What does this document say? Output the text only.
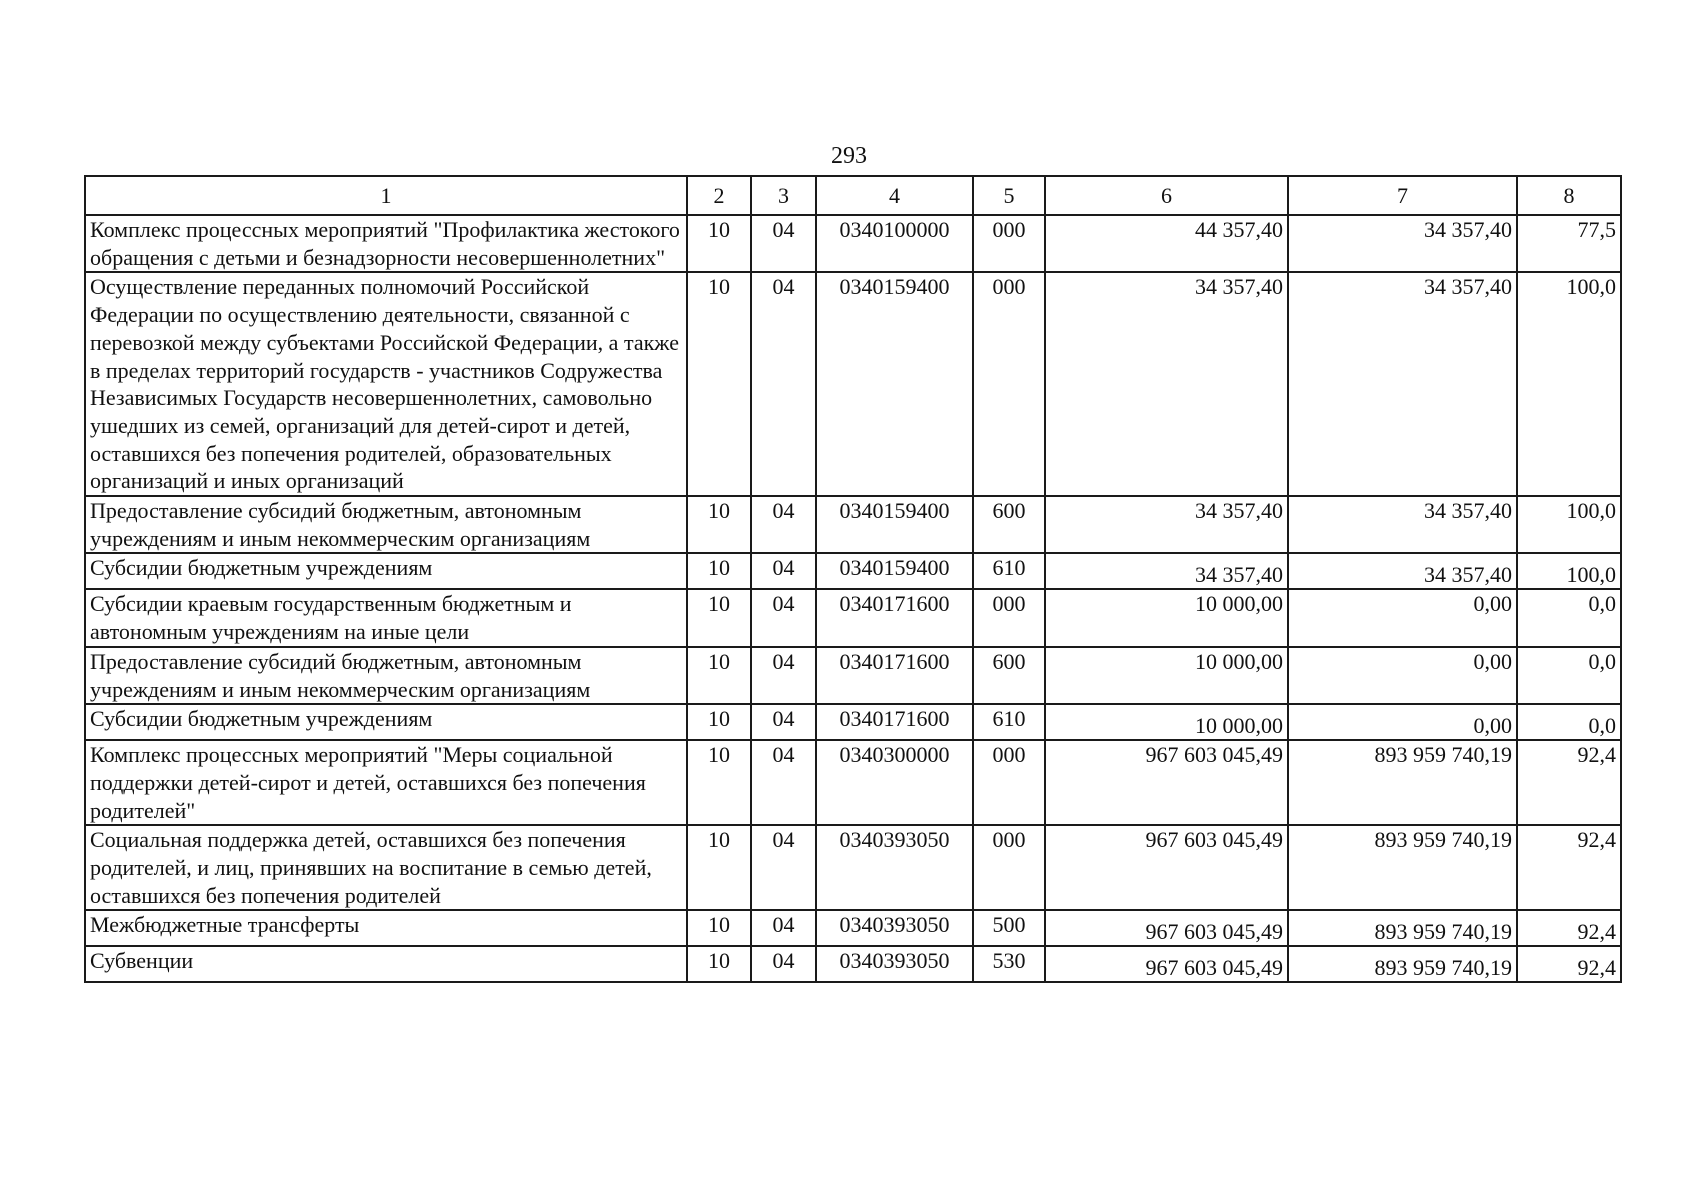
293
1	2	3	4	5	6	7	8
Комплекс процессных мероприятий "Профилактика жестокого обращения с детьми и безнадзорности несовершеннолетних"	10	04	0340100000	000	44 357,40	34 357,40	77,5
Осуществление переданных полномочий Российской Федерации по осуществлению деятельности, связанной с перевозкой между субъектами Российской Федерации, а также в пределах территорий государств - участников Содружества Независимых Государств несовершеннолетних, самовольно ушедших из семей, организаций для детей-сирот и детей, оставшихся без попечения родителей, образовательных организаций и иных организаций	10	04	0340159400	000	34 357,40	34 357,40	100,0
Предоставление субсидий бюджетным, автономным учреждениям и иным некоммерческим организациям	10	04	0340159400	600	34 357,40	34 357,40	100,0
Субсидии бюджетным учреждениям	10	04	0340159400	610	34 357,40	34 357,40	100,0
Субсидии краевым государственным бюджетным и автономным учреждениям на иные цели	10	04	0340171600	000	10 000,00	0,00	0,0
Предоставление субсидий бюджетным, автономным учреждениям и иным некоммерческим организациям	10	04	0340171600	600	10 000,00	0,00	0,0
Субсидии бюджетным учреждениям	10	04	0340171600	610	10 000,00	0,00	0,0
Комплекс процессных мероприятий "Меры социальной поддержки детей-сирот и детей, оставшихся без попечения родителей"	10	04	0340300000	000	967 603 045,49	893 959 740,19	92,4
Социальная поддержка детей, оставшихся без попечения родителей, и лиц, принявших на воспитание в семью детей, оставшихся без попечения родителей	10	04	0340393050	000	967 603 045,49	893 959 740,19	92,4
Межбюджетные трансферты	10	04	0340393050	500	967 603 045,49	893 959 740,19	92,4
Субвенции	10	04	0340393050	530	967 603 045,49	893 959 740,19	92,4
